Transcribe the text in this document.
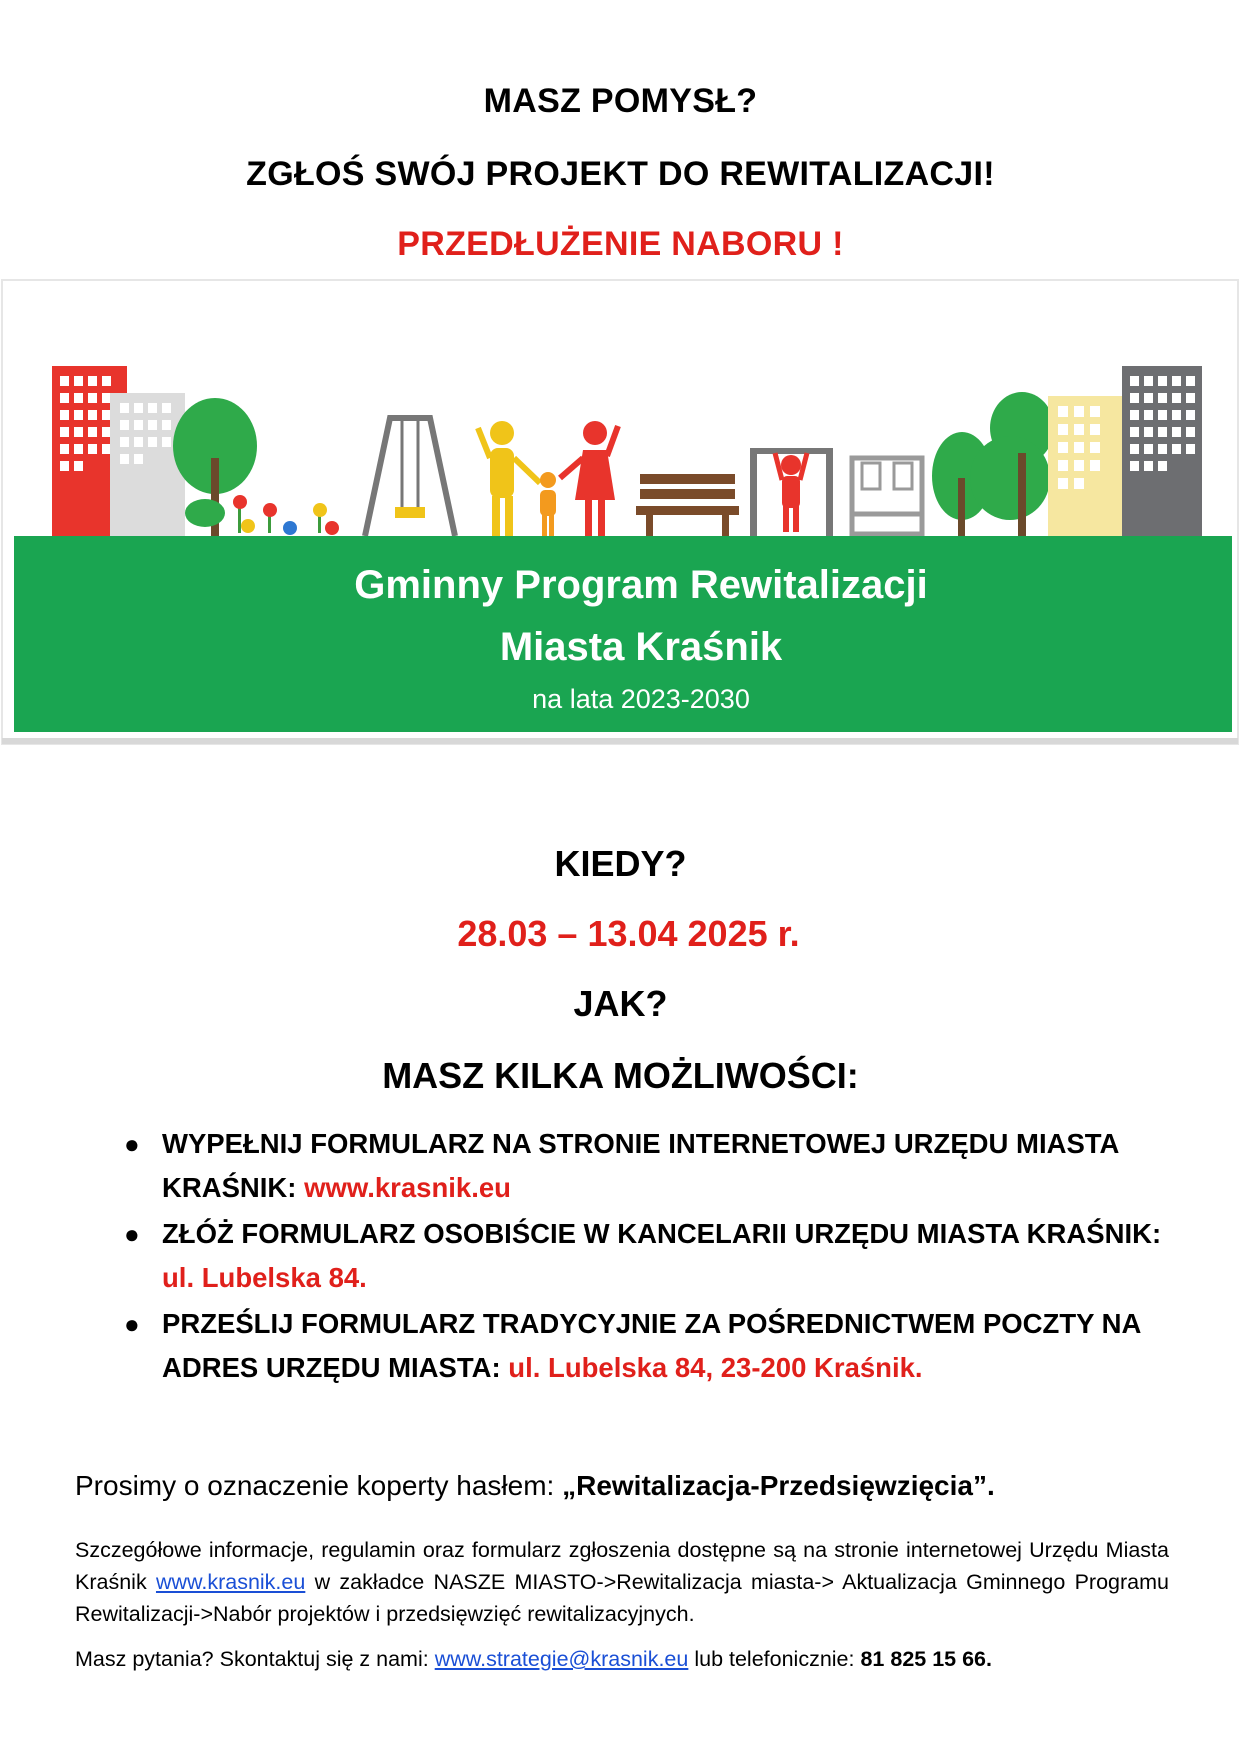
MASZ POMYSŁ?
ZGŁOŚ SWÓJ PROJEKT DO REWITALIZACJI!
PRZEDŁUŻENIE NABORU !
Gminny Program Rewitalizacji
Miasta Kraśnik
na lata 2023-2030
KIEDY?
28.03 – 13.04 2025 r.
JAK?
MASZ KILKA MOŻLIWOŚCI:
● WYPEŁNIJ FORMULARZ NA STRONIE INTERNETOWEJ URZĘDU MIASTA KRAŚNIK: www.krasnik.eu
● ZŁÓŻ FORMULARZ OSOBIŚCIE W KANCELARII URZĘDU MIASTA KRAŚNIK: ul. Lubelska 84.
● PRZEŚLIJ FORMULARZ TRADYCYJNIE ZA POŚREDNICTWEM POCZTY NA ADRES URZĘDU MIASTA: ul. Lubelska 84, 23-200 Kraśnik.
Prosimy o oznaczenie koperty hasłem: „Rewitalizacja-Przedsięwzięcia”.
Szczegółowe informacje, regulamin oraz formularz zgłoszenia dostępne są na stronie internetowej Urzędu Miasta Kraśnik www.krasnik.eu w zakładce NASZE MIASTO->Rewitalizacja miasta-> Aktualizacja Gminnego Programu Rewitalizacji->Nabór projektów i przedsięwzięć rewitalizacyjnych.
Masz pytania? Skontaktuj się z nami: www.strategie@krasnik.eu lub telefonicznie: 81 825 15 66.
